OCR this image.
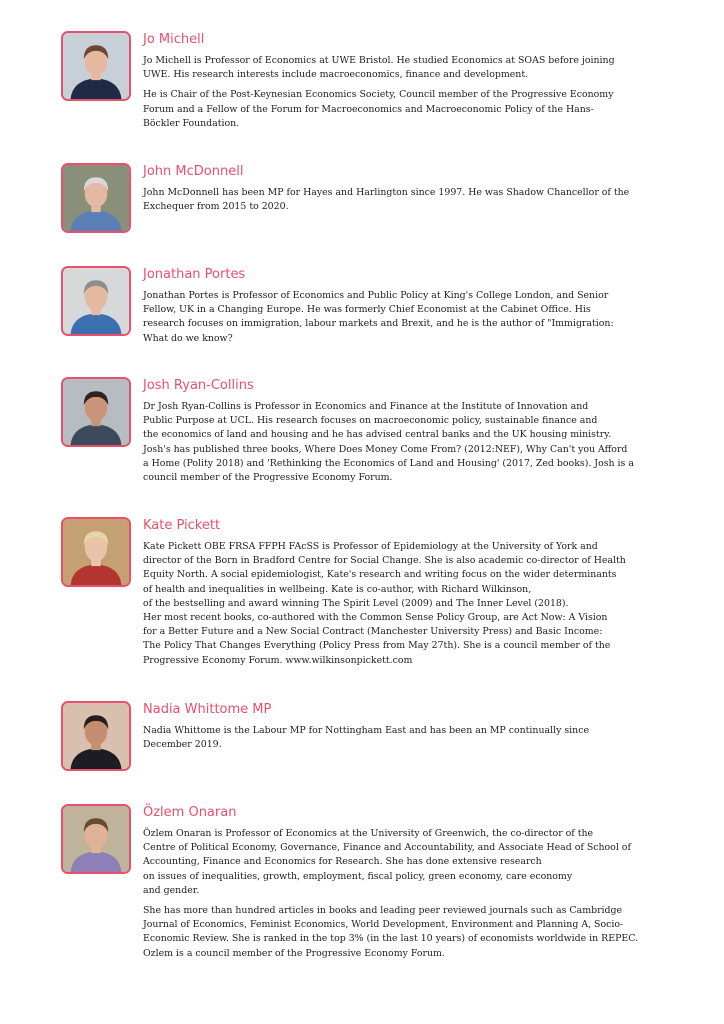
Jo Michell
Jo Michell is Professor of Economics at UWE Bristol. He studied Economics at SOAS before joining
UWE. His research interests include macroeconomics, finance and development.
He is Chair of the Post-Keynesian Economics Society, Council member of the Progressive Economy
Forum and a Fellow of the Forum for Macroeconomics and Macroeconomic Policy of the Hans-
Böckler Foundation.
John McDonnell
John McDonnell has been MP for Hayes and Harlington since 1997. He was Shadow Chancellor of the
Exchequer from 2015 to 2020.
Jonathan Portes
Jonathan Portes is Professor of Economics and Public Policy at King's College London, and Senior
Fellow, UK in a Changing Europe. He was formerly Chief Economist at the Cabinet Office. His
research focuses on immigration, labour markets and Brexit, and he is the author of "Immigration:
What do we know?
Josh Ryan-Collins
Dr Josh Ryan-Collins is Professor in Economics and Finance at the Institute of Innovation and
Public Purpose at UCL. His research focuses on macroeconomic policy, sustainable finance and
the economics of land and housing and he has advised central banks and the UK housing ministry.
Josh's has published three books, Where Does Money Come From? (2012:NEF), Why Can't you Afford
a Home (Polity 2018) and 'Rethinking the Economics of Land and Housing' (2017, Zed books). Josh is a
council member of the Progressive Economy Forum.
Kate Pickett
Kate Pickett OBE FRSA FFPH FAcSS is Professor of Epidemiology at the University of York and
director of the Born in Bradford Centre for Social Change. She is also academic co-director of Health
Equity North. A social epidemiologist, Kate's research and writing focus on the wider determinants
of health and inequalities in wellbeing. Kate is co-author, with Richard Wilkinson,
of the bestselling and award winning The Spirit Level (2009) and The Inner Level (2018).
Her most recent books, co-authored with the Common Sense Policy Group, are Act Now: A Vision
for a Better Future and a New Social Contract (Manchester University Press) and Basic Income:
The Policy That Changes Everything (Policy Press from May 27th). She is a council member of the
Progressive Economy Forum. www.wilkinsonpickett.com
Nadia Whittome MP
Nadia Whittome is the Labour MP for Nottingham East and has been an MP continually since
December 2019.
Özlem Onaran
Özlem Onaran is Professor of Economics at the University of Greenwich, the co-director of the
Centre of Political Economy, Governance, Finance and Accountability, and Associate Head of School of
Accounting, Finance and Economics for Research. She has done extensive research
on issues of inequalities, growth, employment, fiscal policy, green economy, care economy
and gender.
She has more than hundred articles in books and leading peer reviewed journals such as Cambridge
Journal of Economics, Feminist Economics, World Development, Environment and Planning A, Socio-
Economic Review. She is ranked in the top 3% (in the last 10 years) of economists worldwide in REPEC.
Ozlem is a council member of the Progressive Economy Forum.
